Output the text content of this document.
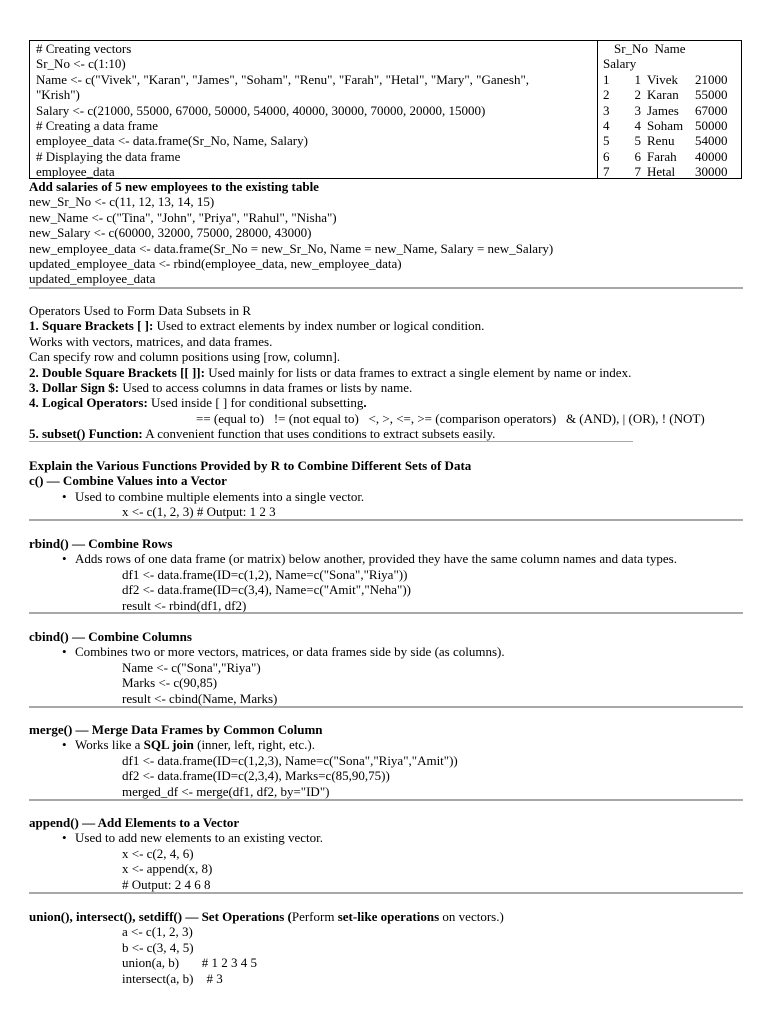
# Creating vectors
Sr_No <- c(1:10)
Name <- c("Vivek", "Karan", "James", "Soham", "Renu", "Farah", "Hetal", "Mary", "Ganesh",
"Krish")
Salary <- c(21000, 55000, 67000, 50000, 54000, 40000, 30000, 70000, 20000, 15000)
# Creating a data frame
employee_data <- data.frame(Sr_No, Name, Salary)
# Displaying the data frame
employee_data
Sr_No  Name
Salary
1	1 Vivek	21000
2	2 Karan	55000
3	3 James	67000
4	4 Soham 50000
5	5 Renu	54000
6	6 Farah	40000
7	7 Hetal	30000
Add salaries of 5 new employees to the existing table
new_Sr_No <- c(11, 12, 13, 14, 15)
new_Name <- c("Tina", "John", "Priya", "Rahul", "Nisha")
new_Salary <- c(60000, 32000, 75000, 28000, 43000)
new_employee_data <- data.frame(Sr_No = new_Sr_No, Name = new_Name, Salary = new_Salary)
updated_employee_data <- rbind(employee_data, new_employee_data)
updated_employee_data
Operators Used to Form Data Subsets in R
1. Square Brackets [ ]: Used to extract elements by index number or logical condition.
Works with vectors, matrices, and data frames.
Can specify row and column positions using [row, column].
2. Double Square Brackets [[ ]]: Used mainly for lists or data frames to extract a single element by name or index.
3. Dollar Sign $: Used to access columns in data frames or lists by name.
4. Logical Operators: Used inside [ ] for conditional subsetting.
== (equal to)   != (not equal to)   <, >, <=, >= (comparison operators)   & (AND), | (OR), ! (NOT)
5. subset() Function: A convenient function that uses conditions to extract subsets easily.
Explain the Various Functions Provided by R to Combine Different Sets of Data
c() — Combine Values into a Vector
• Used to combine multiple elements into a single vector.
x <- c(1, 2, 3) # Output: 1 2 3
rbind() — Combine Rows
• Adds rows of one data frame (or matrix) below another, provided they have the same column names and data types.
df1 <- data.frame(ID=c(1,2), Name=c("Sona","Riya"))
df2 <- data.frame(ID=c(3,4), Name=c("Amit","Neha"))
result <- rbind(df1, df2)
cbind() — Combine Columns
• Combines two or more vectors, matrices, or data frames side by side (as columns).
Name <- c("Sona","Riya")
Marks <- c(90,85)
result <- cbind(Name, Marks)
merge() — Merge Data Frames by Common Column
• Works like a SQL join (inner, left, right, etc.).
df1 <- data.frame(ID=c(1,2,3), Name=c("Sona","Riya","Amit"))
df2 <- data.frame(ID=c(2,3,4), Marks=c(85,90,75))
merged_df <- merge(df1, df2, by="ID")
append() — Add Elements to a Vector
• Used to add new elements to an existing vector.
x <- c(2, 4, 6)
x <- append(x, 8)
# Output: 2 4 6 8
union(), intersect(), setdiff() — Set Operations (Perform set-like operations on vectors.)
a <- c(1, 2, 3)
b <- c(3, 4, 5)
union(a, b)       # 1 2 3 4 5
intersect(a, b)    # 3
